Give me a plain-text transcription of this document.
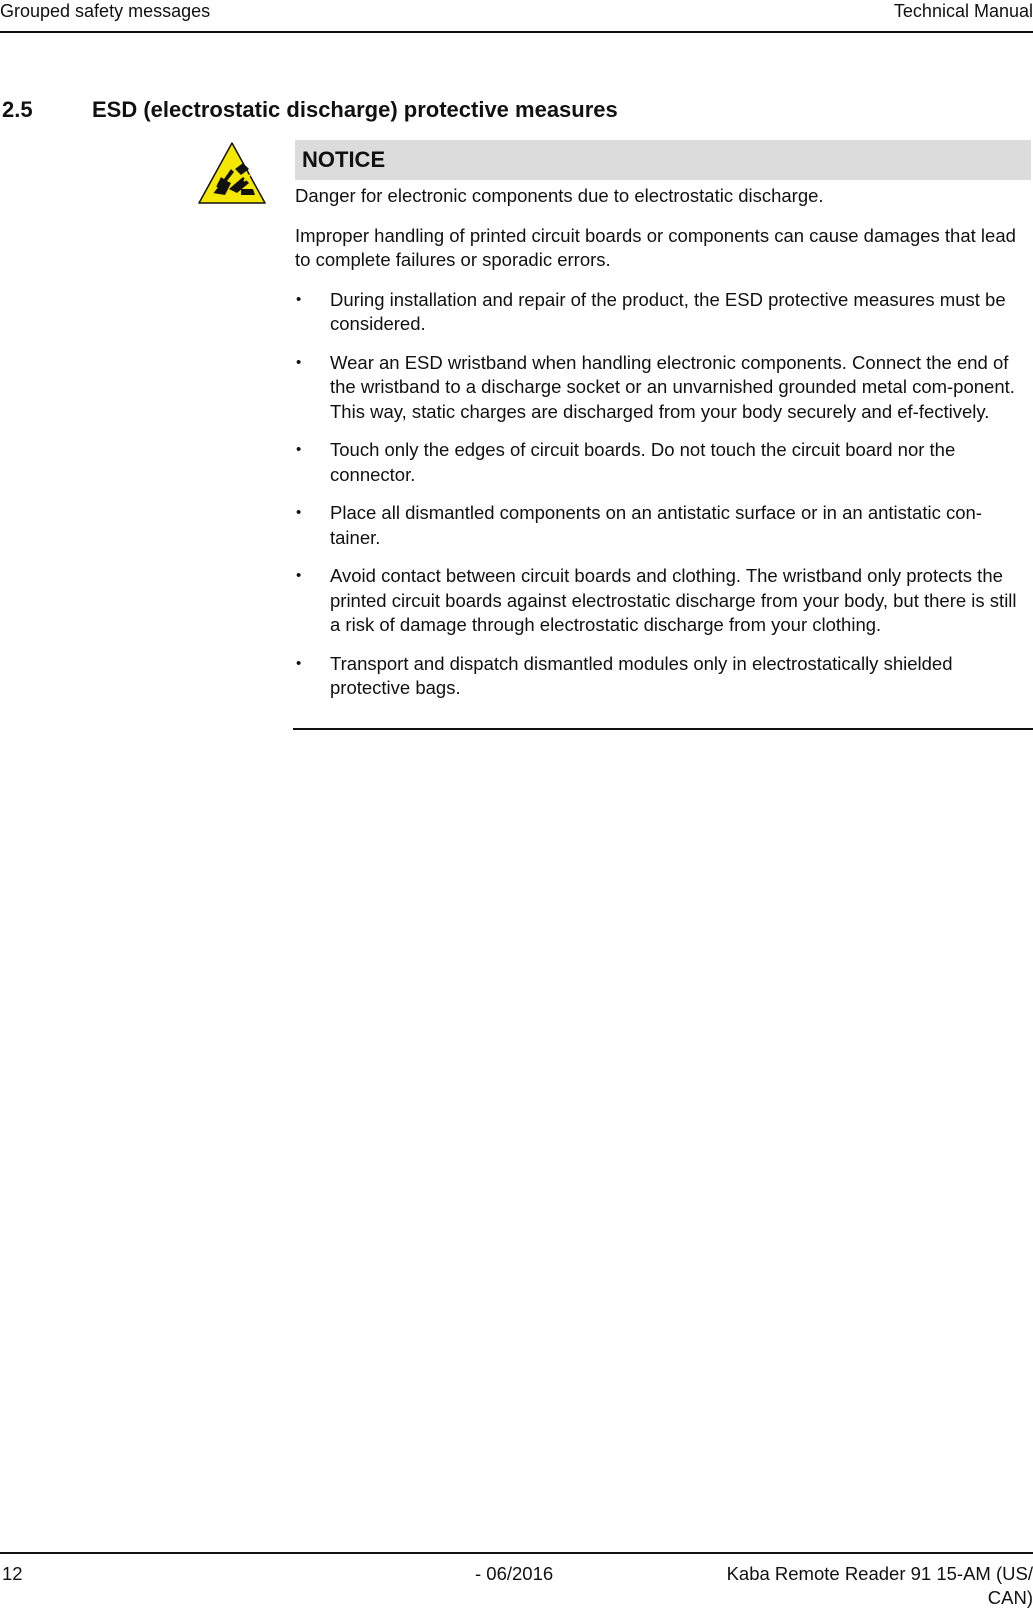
Grouped safety messages	Technical Manual
2.5	ESD (electrostatic discharge) protective measures
NOTICE

Danger for electronic components due to electrostatic discharge.

Improper handling of printed circuit boards or components can cause damages that lead to complete failures or sporadic errors.

•	During installation and repair of the product, the ESD protective measures must be considered.
•	Wear an ESD wristband when handling electronic components. Connect the end of the wristband to a discharge socket or an unvarnished grounded metal com-ponent. This way, static charges are discharged from your body securely and ef-fectively.
•	Touch only the edges of circuit boards. Do not touch the circuit board nor the connector.
•	Place all dismantled components on an antistatic surface or in an antistatic con-tainer.
•	Avoid contact between circuit boards and clothing. The wristband only protects the printed circuit boards against electrostatic discharge from your body, but there is still a risk of damage through electrostatic discharge from your clothing.
•	Transport and dispatch dismantled modules only in electrostatically shielded protective bags.
12	- 06/2016	Kaba Remote Reader 91 15-AM (US/
CAN)
